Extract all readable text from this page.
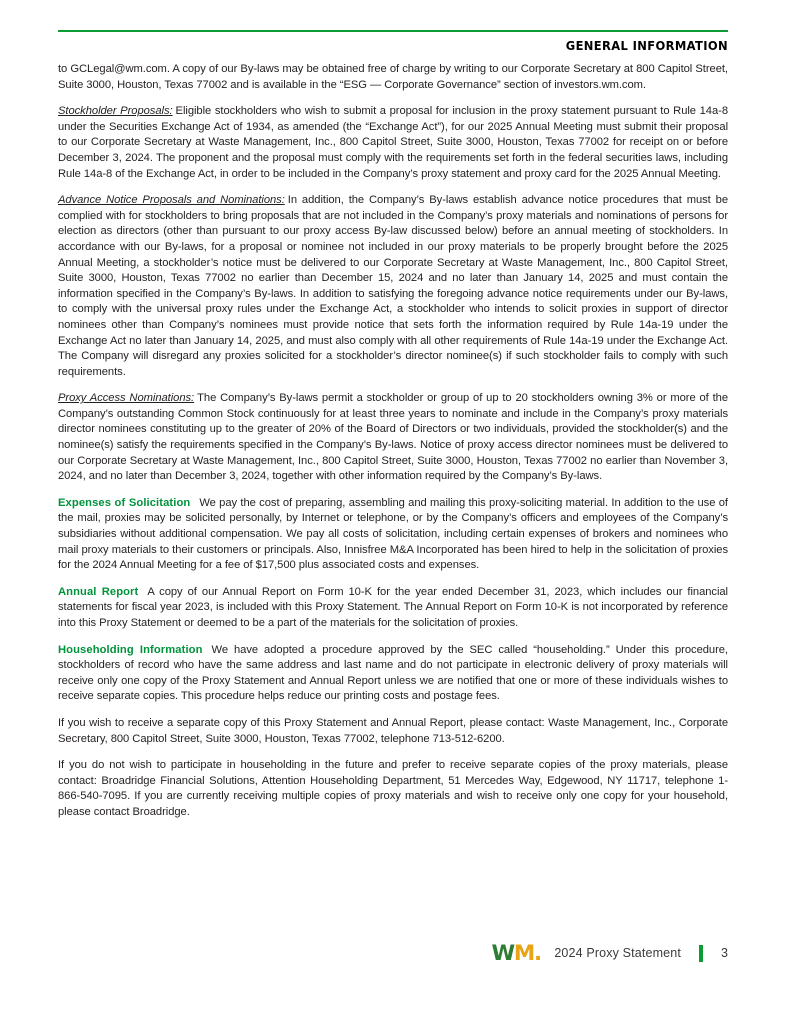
GENERAL INFORMATION

to GCLegal@wm.com. A copy of our By-laws may be obtained free of charge by writing to our Corporate Secretary at 800 Capitol Street, Suite 3000, Houston, Texas 77002 and is available in the “ESG — Corporate Governance” section of investors.wm.com.

Stockholder Proposals: Eligible stockholders who wish to submit a proposal for inclusion in the proxy statement pursuant to Rule 14a-8 under the Securities Exchange Act of 1934, as amended (the “Exchange Act”), for our 2025 Annual Meeting must submit their proposal to our Corporate Secretary at Waste Management, Inc., 800 Capitol Street, Suite 3000, Houston, Texas 77002 for receipt on or before December 3, 2024. The proponent and the proposal must comply with the requirements set forth in the federal securities laws, including Rule 14a-8 of the Exchange Act, in order to be included in the Company’s proxy statement and proxy card for the 2025 Annual Meeting.

Advance Notice Proposals and Nominations: In addition, the Company’s By-laws establish advance notice procedures that must be complied with for stockholders to bring proposals that are not included in the Company’s proxy materials and nominations of persons for election as directors (other than pursuant to our proxy access By-law discussed below) before an annual meeting of stockholders. In accordance with our By-laws, for a proposal or nominee not included in our proxy materials to be properly brought before the 2025 Annual Meeting, a stockholder’s notice must be delivered to our Corporate Secretary at Waste Management, Inc., 800 Capitol Street, Suite 3000, Houston, Texas 77002 no earlier than December 15, 2024 and no later than January 14, 2025 and must contain the information specified in the Company’s By-laws. In addition to satisfying the foregoing advance notice requirements under our By-laws, to comply with the universal proxy rules under the Exchange Act, a stockholder who intends to solicit proxies in support of director nominees other than Company’s nominees must provide notice that sets forth the information required by Rule 14a-19 under the Exchange Act no later than January 14, 2025, and must also comply with all other requirements of Rule 14a-19 under the Exchange Act. The Company will disregard any proxies solicited for a stockholder’s director nominee(s) if such stockholder fails to comply with such requirements.

Proxy Access Nominations: The Company’s By-laws permit a stockholder or group of up to 20 stockholders owning 3% or more of the Company’s outstanding Common Stock continuously for at least three years to nominate and include in the Company’s proxy materials director nominees constituting up to the greater of 20% of the Board of Directors or two individuals, provided the stockholder(s) and the nominee(s) satisfy the requirements specified in the Company’s By-laws. Notice of proxy access director nominees must be delivered to our Corporate Secretary at Waste Management, Inc., 800 Capitol Street, Suite 3000, Houston, Texas 77002 no earlier than November 3, 2024, and no later than December 3, 2024, together with other information required by the Company’s By-laws.

Expenses of Solicitation We pay the cost of preparing, assembling and mailing this proxy-soliciting material. In addition to the use of the mail, proxies may be solicited personally, by Internet or telephone, or by the Company’s officers and employees of the Company’s subsidiaries without additional compensation. We pay all costs of solicitation, including certain expenses of brokers and nominees who mail proxy materials to their customers or principals. Also, Innisfree M&A Incorporated has been hired to help in the solicitation of proxies for the 2024 Annual Meeting for a fee of $17,500 plus associated costs and expenses.

Annual Report A copy of our Annual Report on Form 10-K for the year ended December 31, 2023, which includes our financial statements for fiscal year 2023, is included with this Proxy Statement. The Annual Report on Form 10-K is not incorporated by reference into this Proxy Statement or deemed to be a part of the materials for the solicitation of proxies.

Householding Information We have adopted a procedure approved by the SEC called “householding.” Under this procedure, stockholders of record who have the same address and last name and do not participate in electronic delivery of proxy materials will receive only one copy of the Proxy Statement and Annual Report unless we are notified that one or more of these individuals wishes to receive separate copies. This procedure helps reduce our printing costs and postage fees.

If you wish to receive a separate copy of this Proxy Statement and Annual Report, please contact: Waste Management, Inc., Corporate Secretary, 800 Capitol Street, Suite 3000, Houston, Texas 77002, telephone 713-512-6200.

If you do not wish to participate in householding in the future and prefer to receive separate copies of the proxy materials, please contact: Broadridge Financial Solutions, Attention Householding Department, 51 Mercedes Way, Edgewood, NY 11717, telephone 1-866-540-7095. If you are currently receiving multiple copies of proxy materials and wish to receive only one copy for your household, please contact Broadridge.

W M . 2024 Proxy Statement	3
